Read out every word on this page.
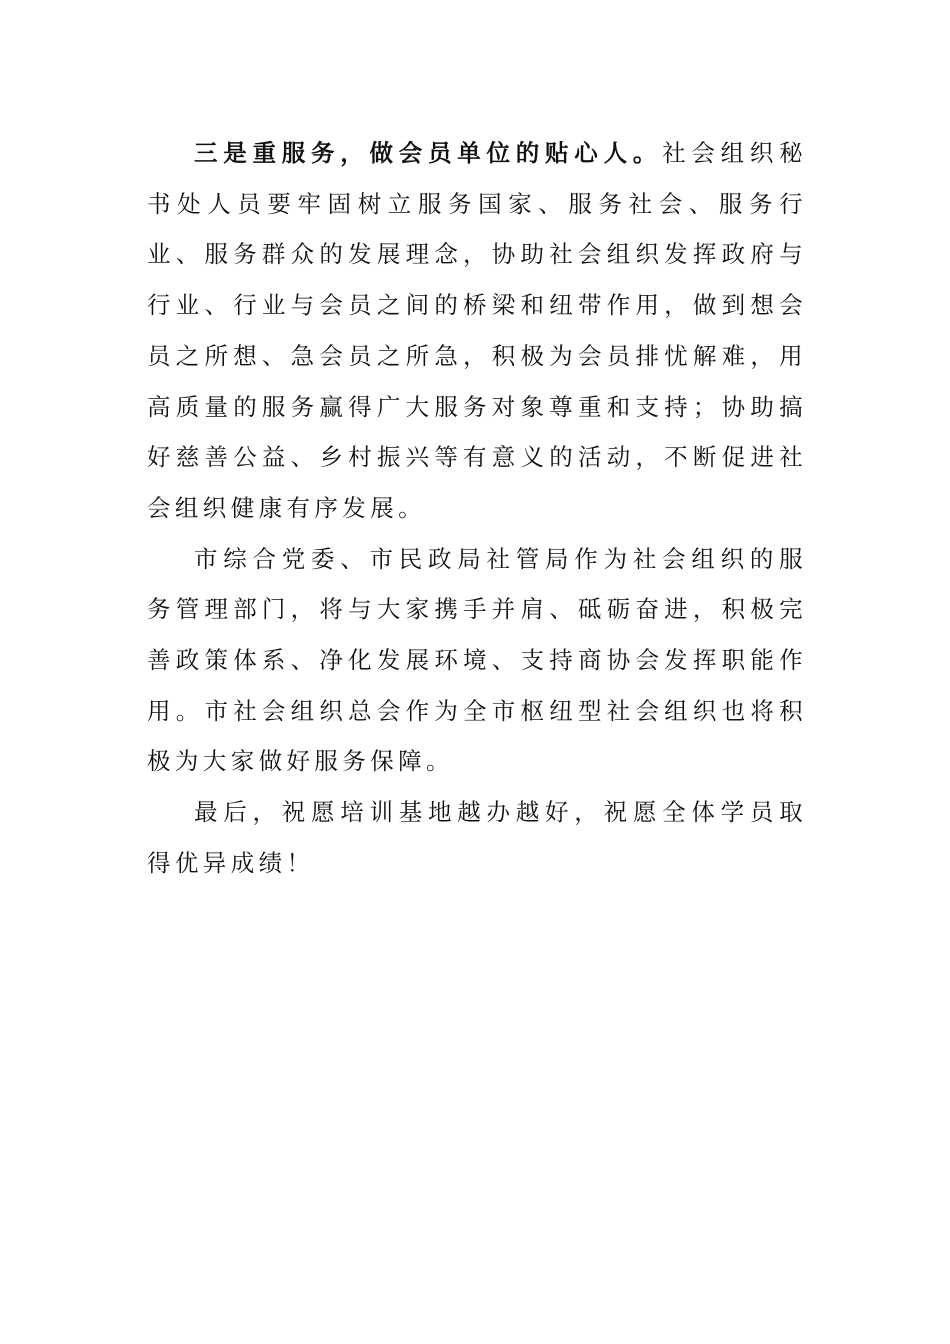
三是重服务，做会员单位的贴心人。社会组织秘书处人员要牢固树立服务国家、服务社会、服务行业、服务群众的发展理念，协助社会组织发挥政府与行业、行业与会员之间的桥梁和纽带作用，做到想会员之所想、急会员之所急，积极为会员排忧解难，用高质量的服务赢得广大服务对象尊重和支持；协助搞好慈善公益、乡村振兴等有意义的活动，不断促进社会组织健康有序发展。

市综合党委、市民政局社管局作为社会组织的服务管理部门，将与大家携手并肩、砥砺奋进，积极完善政策体系、净化发展环境、支持商协会发挥职能作用。市社会组织总会作为全市枢纽型社会组织也将积极为大家做好服务保障。

最后，祝愿培训基地越办越好，祝愿全体学员取得优异成绩！
